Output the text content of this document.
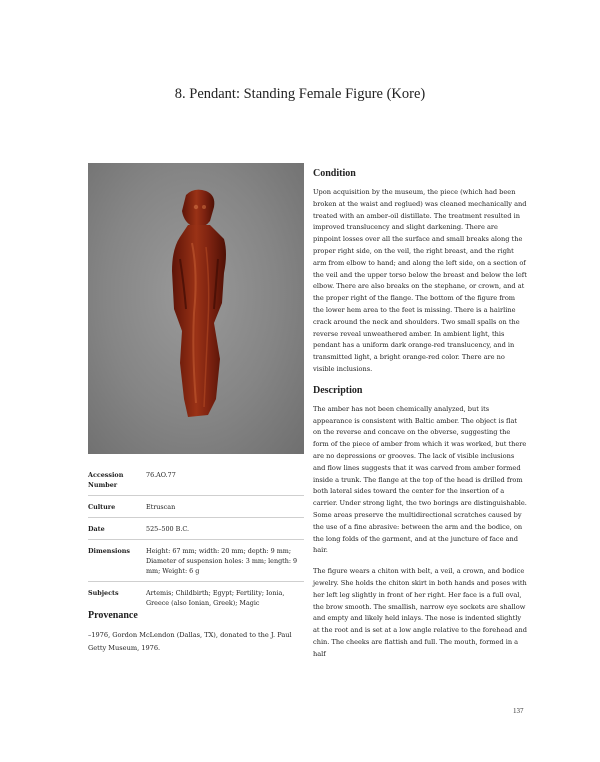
8. Pendant: Standing Female Figure (Kore)
Accession Number	76.AO.77
Culture	Etruscan
Date	525–500 B.C.
Dimensions	Height: 67 mm; width: 20 mm; depth: 9 mm; Diameter of suspension holes: 3 mm; length: 9 mm; Weight: 6 g
Subjects	Artemis; Childbirth; Egypt; Fertility; Ionia, Greece (also Ionian, Greek); Magic
Provenance
–1976, Gordon McLendon (Dallas, TX), donated to the J. Paul Getty Museum, 1976.
Condition

Upon acquisition by the museum, the piece (which had been broken at the waist and reglued) was cleaned mechanically and treated with an amber-oil distillate. The treatment resulted in improved translucency and slight darkening. There are pinpoint losses over all the surface and small breaks along the proper right side, on the veil, the right breast, and the right arm from elbow to hand; and along the left side, on a section of the veil and the upper torso below the breast and below the left elbow. There are also breaks on the stephane, or crown, and at the proper right of the flange. The bottom of the figure from the lower hem area to the feet is missing. There is a hairline crack around the neck and shoulders. Two small spalls on the reverse reveal unweathered amber. In ambient light, this pendant has a uniform dark orange-red translucency, and in transmitted light, a bright orange-red color. There are no visible inclusions.

Description

The amber has not been chemically analyzed, but its appearance is consistent with Baltic amber. The object is flat on the reverse and concave on the obverse, suggesting the form of the piece of amber from which it was worked, but there are no depressions or grooves. The lack of visible inclusions and flow lines suggests that it was carved from amber formed inside a trunk. The flange at the top of the head is drilled from both lateral sides toward the center for the insertion of a carrier. Under strong light, the two borings are distinguishable. Some areas preserve the multidirectional scratches caused by the use of a fine abrasive: between the arm and the bodice, on the long folds of the garment, and at the juncture of face and hair.

The figure wears a chiton with belt, a veil, a crown, and bodice jewelry. She holds the chiton skirt in both hands and poses with her left leg slightly in front of her right. Her face is a full oval, the brow smooth. The smallish, narrow eye sockets are shallow and empty and likely held inlays. The nose is indented slightly at the root and is set at a low angle relative to the forehead and chin. The cheeks are flattish and full. The mouth, formed in a half

137
